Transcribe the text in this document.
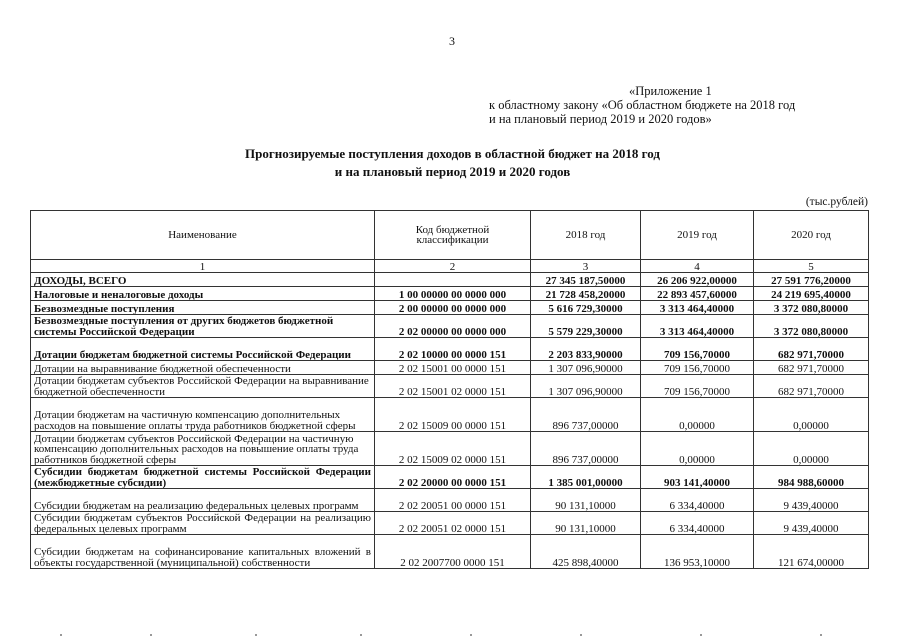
3
«Приложение 1
к областному закону «Об областном бюджете на 2018 год
и на плановый период 2019 и 2020 годов»
Прогнозируемые поступления доходов в областной бюджет на 2018 год
и на плановый период 2019 и 2020 годов
(тыс.рублей)
Наименование	Код бюджетной классификации	2018 год	2019 год	2020 год
1	2	3	4	5
ДОХОДЫ, ВСЕГО		27 345 187,50000	26 206 922,00000	27 591 776,20000
Налоговые и неналоговые доходы	1 00 00000 00 0000 000	21 728 458,20000	22 893 457,60000	24 219 695,40000
Безвозмездные поступления	2 00 00000 00 0000 000	5 616 729,30000	3 313 464,40000	3 372 080,80000
Безвозмездные поступления от других бюджетов бюджетной системы Российской Федерации	2 02 00000 00 0000 000	5 579 229,30000	3 313 464,40000	3 372 080,80000
Дотации бюджетам бюджетной системы Российской Федерации	2 02 10000 00 0000 151	2 203 833,90000	709 156,70000	682 971,70000
Дотации на выравнивание бюджетной обеспеченности	2 02 15001 00 0000 151	1 307 096,90000	709 156,70000	682 971,70000
Дотации бюджетам субъектов Российской Федерации на выравнивание бюджетной обеспеченности	2 02 15001 02 0000 151	1 307 096,90000	709 156,70000	682 971,70000
Дотации бюджетам на частичную компенсацию дополнительных расходов на повышение оплаты труда работников бюджетной сферы	2 02 15009 00 0000 151	896 737,00000	0,00000	0,00000
Дотации бюджетам субъектов Российской Федерации на частичную компенсацию дополнительных расходов на повышение оплаты труда работников бюджетной сферы	2 02 15009 02 0000 151	896 737,00000	0,00000	0,00000
Субсидии бюджетам бюджетной системы Российской Федерации (межбюджетные субсидии)	2 02 20000 00 0000 151	1 385 001,00000	903 141,40000	984 988,60000
Субсидии бюджетам на реализацию федеральных целевых программ	2 02 20051 00 0000 151	90 131,10000	6 334,40000	9 439,40000
Субсидии бюджетам субъектов Российской Федерации на реализацию федеральных целевых программ	2 02 20051 02 0000 151	90 131,10000	6 334,40000	9 439,40000
Субсидии бюджетам на софинансирование капитальных вложений в объекты государственной (муниципальной) собственности	2 02 2007700 0000 151	425 898,40000	136 953,10000	121 674,00000
